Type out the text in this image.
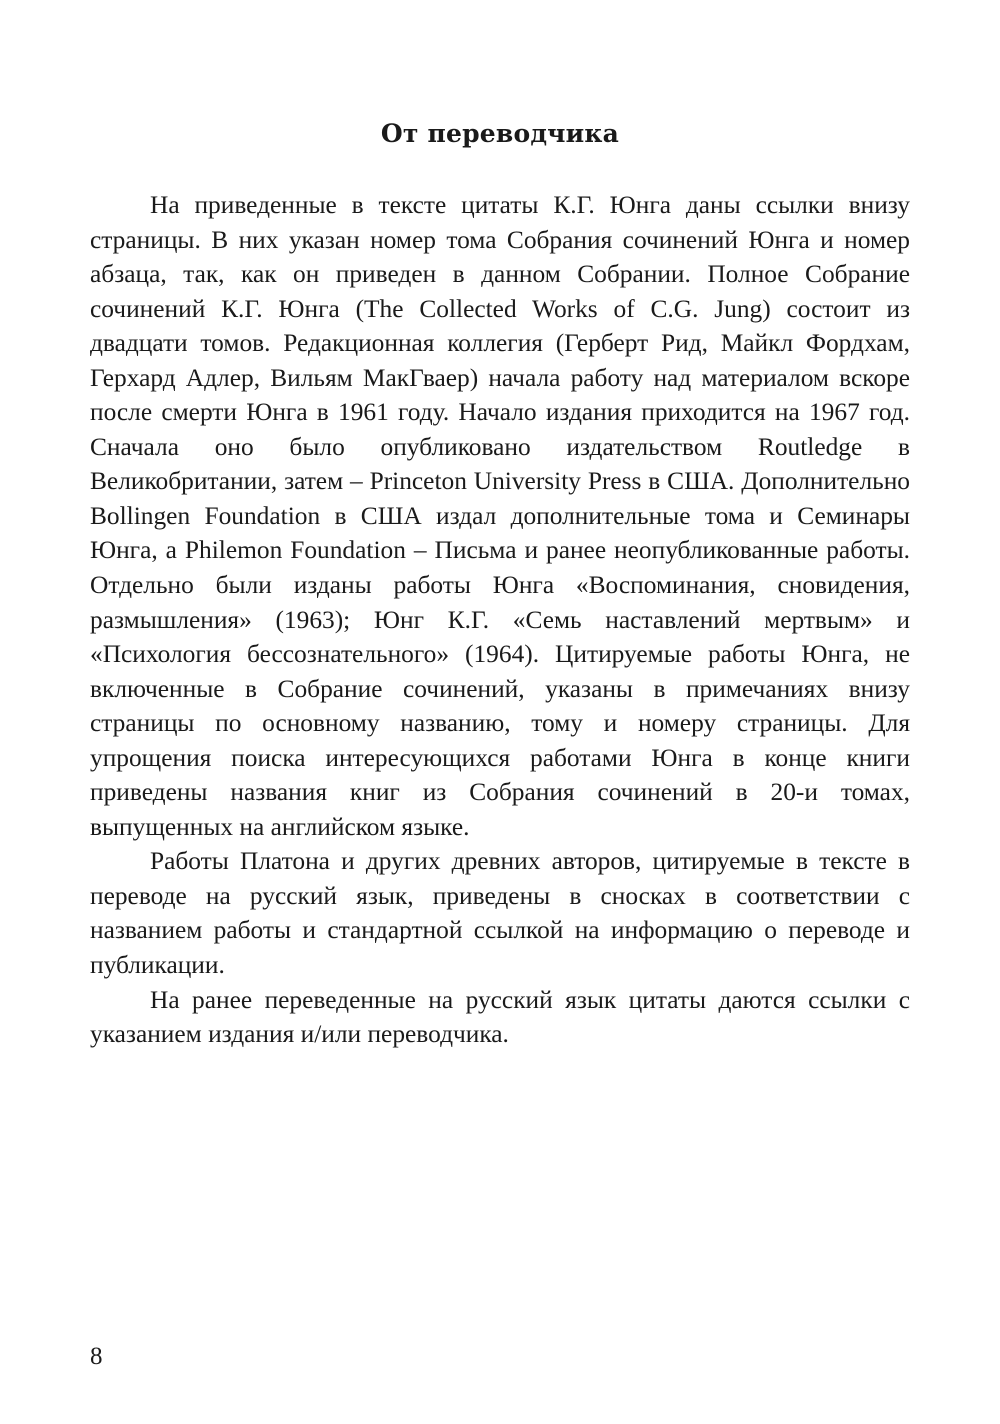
От переводчика

На приведенные в тексте цитаты К.Г. Юнга даны ссылки внизу страницы. В них указан номер тома Собрания сочинений Юнга и номер абзаца, так, как он приведен в данном Собрании. Полное Собрание сочинений К.Г. Юнга (The Collected Works of C.G. Jung) состоит из двадцати томов. Редакционная коллегия (Герберт Рид, Майкл Фордхам, Герхард Адлер, Вильям МакГваер) начала работу над материалом вскоре после смерти Юнга в 1961 году. Начало издания приходится на 1967 год. Сначала оно было опубликовано издательством Routledge в Великобритании, затем – Princeton University Press в США. Дополнительно Bollingen Foundation в США издал дополнительные тома и Семинары Юнга, а Philemon Foundation – Письма и ранее неопубликованные работы. Отдельно были изданы работы Юнга «Воспоминания, сновидения, размышления» (1963); Юнг К.Г. «Семь наставлений мертвым» и «Психология бессознательного» (1964). Цитируемые работы Юнга, не включенные в Собрание сочинений, указаны в примечаниях внизу страницы по основному названию, тому и номеру страницы. Для упрощения поиска интересующихся работами Юнга в конце книги приведены названия книг из Собрания сочинений в 20-и томах, выпущенных на английском языке.

Работы Платона и других древних авторов, цитируемые в тексте в переводе на русский язык, приведены в сносках в соответствии с названием работы и стандартной ссылкой на информацию о переводе и публикации.

На ранее переведенные на русский язык цитаты даются ссылки с указанием издания и/или переводчика.

8
